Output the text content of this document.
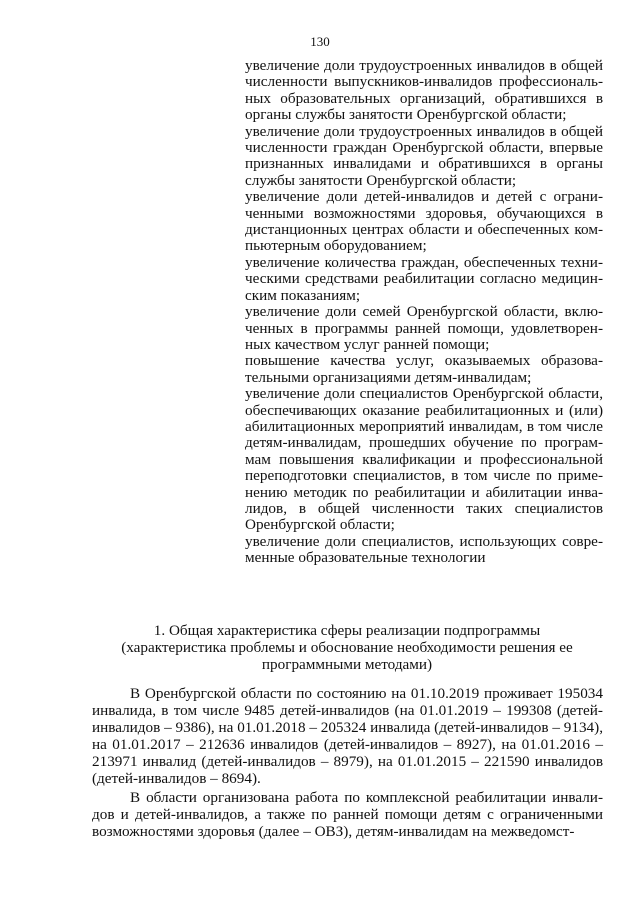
130

увеличение доли трудоустроенных инвалидов в общей численности выпускников-инвалидов профессиональных образовательных организаций, обратившихся в органы службы занятости Оренбургской области;

увеличение доли трудоустроенных инвалидов в общей численности граждан Оренбургской области, впервые признанных инвалидами и обратившихся в органы службы занятости Оренбургской области;

увеличение доли детей-инвалидов и детей с ограниченными возможностями здоровья, обучающихся в дистанционных центрах области и обеспеченных компьютерным оборудованием;

увеличение количества граждан, обеспеченных техническими средствами реабилитации согласно медицинским показаниям;

увеличение доли семей Оренбургской области, включенных в программы ранней помощи, удовлетворенных качеством услуг ранней помощи;

повышение качества услуг, оказываемых образовательными организациями детям-инвалидам;

увеличение доли специалистов Оренбургской области, обеспечивающих оказание реабилитационных и (или) абилитационных мероприятий инвалидам, в том числе детям-инвалидам, прошедших обучение по программам повышения квалификации и профессиональной переподготовки специалистов, в том числе по применению методик по реабилитации и абилитации инвалидов, в общей численности таких специалистов Оренбургской области;

увеличение доли специалистов, использующих современные образовательные технологии

1. Общая характеристика сферы реализации подпрограммы
(характеристика проблемы и обоснование необходимости решения ее
программными методами)

В Оренбургской области по состоянию на 01.10.2019 проживает 195034 инвалида, в том числе 9485 детей-инвалидов (на 01.01.2019 – 199308 (детей-инвалидов – 9386), на 01.01.2018 – 205324 инвалида (детей-инвалидов – 9134), на 01.01.2017 – 212636 инвалидов (детей-инвалидов – 8927), на 01.01.2016 – 213971 инвалид (детей-инвалидов – 8979), на 01.01.2015 – 221590 инвалидов (детей-инвалидов – 8694).

В области организована работа по комплексной реабилитации инвалидов и детей-инвалидов, а также по ранней помощи детям с ограниченными возможностями здоровья (далее – ОВЗ), детям-инвалидам на межведомст-
